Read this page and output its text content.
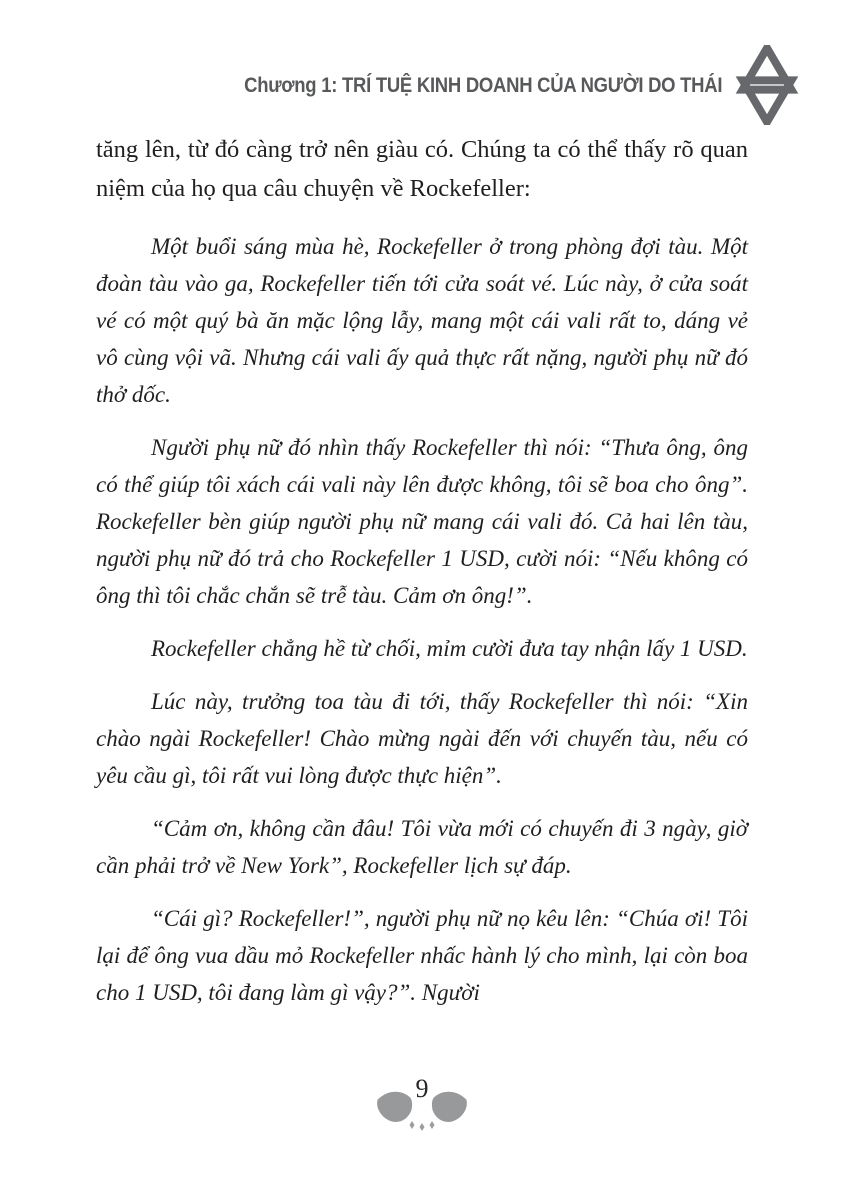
Chương 1: TRÍ TUỆ KINH DOANH CỦA NGƯỜI DO THÁI

tăng lên, từ đó càng trở nên giàu có. Chúng ta có thể thấy rõ quan niệm của họ qua câu chuyện về Rockefeller:

Một buổi sáng mùa hè, Rockefeller ở trong phòng đợi tàu. Một đoàn tàu vào ga, Rockefeller tiến tới cửa soát vé. Lúc này, ở cửa soát vé có một quý bà ăn mặc lộng lẫy, mang một cái vali rất to, dáng vẻ vô cùng vội vã. Nhưng cái vali ấy quả thực rất nặng, người phụ nữ đó thở dốc.

Người phụ nữ đó nhìn thấy Rockefeller thì nói: “Thưa ông, ông có thể giúp tôi xách cái vali này lên được không, tôi sẽ boa cho ông”. Rockefeller bèn giúp người phụ nữ mang cái vali đó. Cả hai lên tàu, người phụ nữ đó trả cho Rockefeller 1 USD, cười nói: “Nếu không có ông thì tôi chắc chắn sẽ trễ tàu. Cảm ơn ông!”.

Rockefeller chẳng hề từ chối, mỉm cười đưa tay nhận lấy 1 USD.

Lúc này, trưởng toa tàu đi tới, thấy Rockefeller thì nói: “Xin chào ngài Rockefeller! Chào mừng ngài đến với chuyến tàu, nếu có yêu cầu gì, tôi rất vui lòng được thực hiện”.

“Cảm ơn, không cần đâu! Tôi vừa mới có chuyến đi 3 ngày, giờ cần phải trở về New York”, Rockefeller lịch sự đáp.

“Cái gì? Rockefeller!”, người phụ nữ nọ kêu lên: “Chúa ơi! Tôi lại để ông vua dầu mỏ Rockefeller nhấc hành lý cho mình, lại còn boa cho 1 USD, tôi đang làm gì vậy?”. Người

9
